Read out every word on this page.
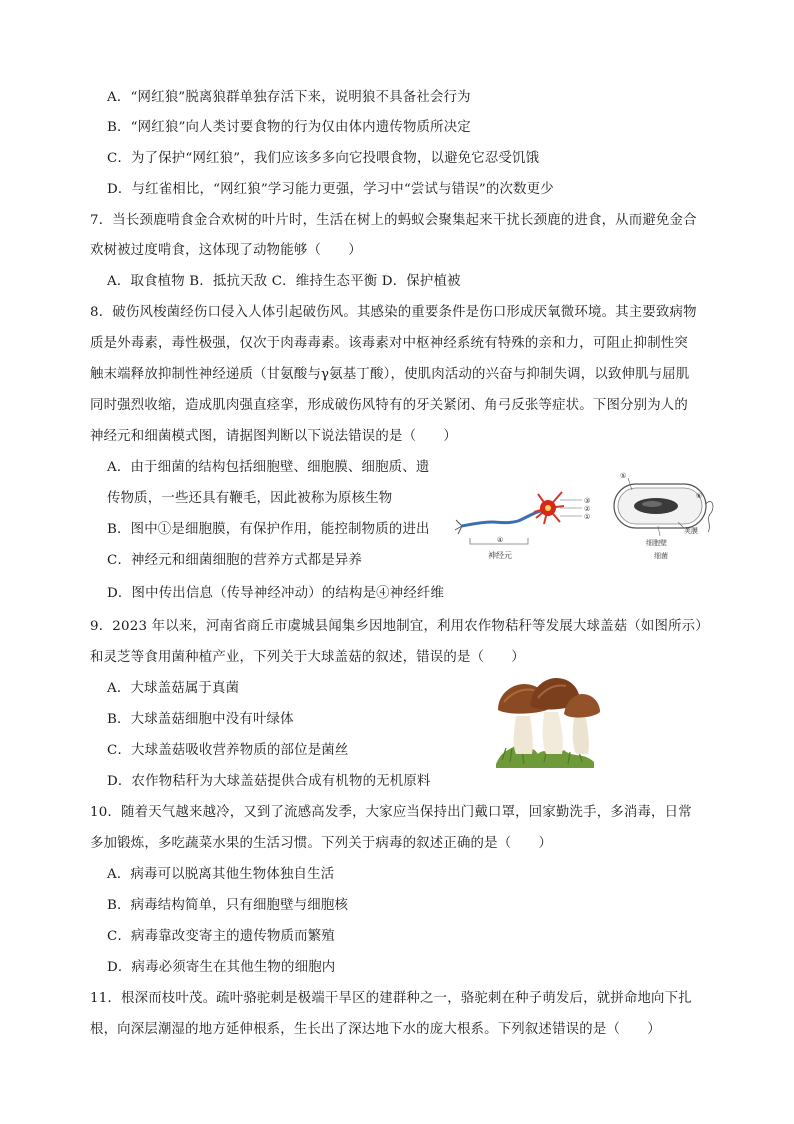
A．“网红狼”脱离狼群单独存活下来，说明狼不具备社会行为
B．“网红狼”向人类讨要食物的行为仅由体内遗传物质所决定
C．为了保护“网红狼”，我们应该多多向它投喂食物，以避免它忍受饥饿
D．与红雀相比，“网红狼”学习能力更强，学习中“尝试与错误”的次数更少
7．当长颈鹿啃食金合欢树的叶片时，生活在树上的蚂蚁会聚集起来干扰长颈鹿的进食，从而避免金合
欢树被过度啃食，这体现了动物能够（　　）
A．取食植物 B．抵抗天敌 C．维持生态平衡 D．保护植被
8．破伤风梭菌经伤口侵入人体引起破伤风。其感染的重要条件是伤口形成厌氧微环境。其主要致病物
质是外毒素，毒性极强，仅次于肉毒毒素。该毒素对中枢神经系统有特殊的亲和力，可阻止抑制性突
触末端释放抑制性神经递质（甘氨酸与γ氨基丁酸），使肌肉活动的兴奋与抑制失调，以致伸肌与屈肌
同时强烈收缩，造成肌肉强直痉挛，形成破伤风特有的牙关紧闭、角弓反张等症状。下图分别为人的
神经元和细菌模式图，请据图判断以下说法错误的是（　　）
A．由于细菌的结构包括细胞壁、细胞膜、细胞质、遗
传物质，一些还具有鞭毛，因此被称为原核生物
B．图中①是细胞膜，有保护作用，能控制物质的进出
C．神经元和细菌细胞的营养方式都是异养
D．图中传出信息（传导神经冲动）的结构是④神经纤维
④
神经元
③
②
①
⑤
⑥
荚膜
细胞壁
细菌
9．2023 年以来，河南省商丘市虞城县闻集乡因地制宜，利用农作物秸秆等发展大球盖菇（如图所示）
和灵芝等食用菌种植产业，下列关于大球盖菇的叙述，错误的是（　　）
A．大球盖菇属于真菌
B．大球盖菇细胞中没有叶绿体
C．大球盖菇吸收营养物质的部位是菌丝
D．农作物秸秆为大球盖菇提供合成有机物的无机原料
10．随着天气越来越冷，又到了流感高发季，大家应当保持出门戴口罩，回家勤洗手，多消毒，日常
多加锻炼，多吃蔬菜水果的生活习惯。下列关于病毒的叙述正确的是（　　）
A．病毒可以脱离其他生物体独自生活
B．病毒结构简单，只有细胞壁与细胞核
C．病毒靠改变寄主的遗传物质而繁殖
D．病毒必须寄生在其他生物的细胞内
11．根深而枝叶茂。疏叶骆驼刺是极端干旱区的建群种之一，骆驼刺在种子萌发后，就拼命地向下扎
根，向深层潮湿的地方延伸根系，生长出了深达地下水的庞大根系。下列叙述错误的是（　　）
